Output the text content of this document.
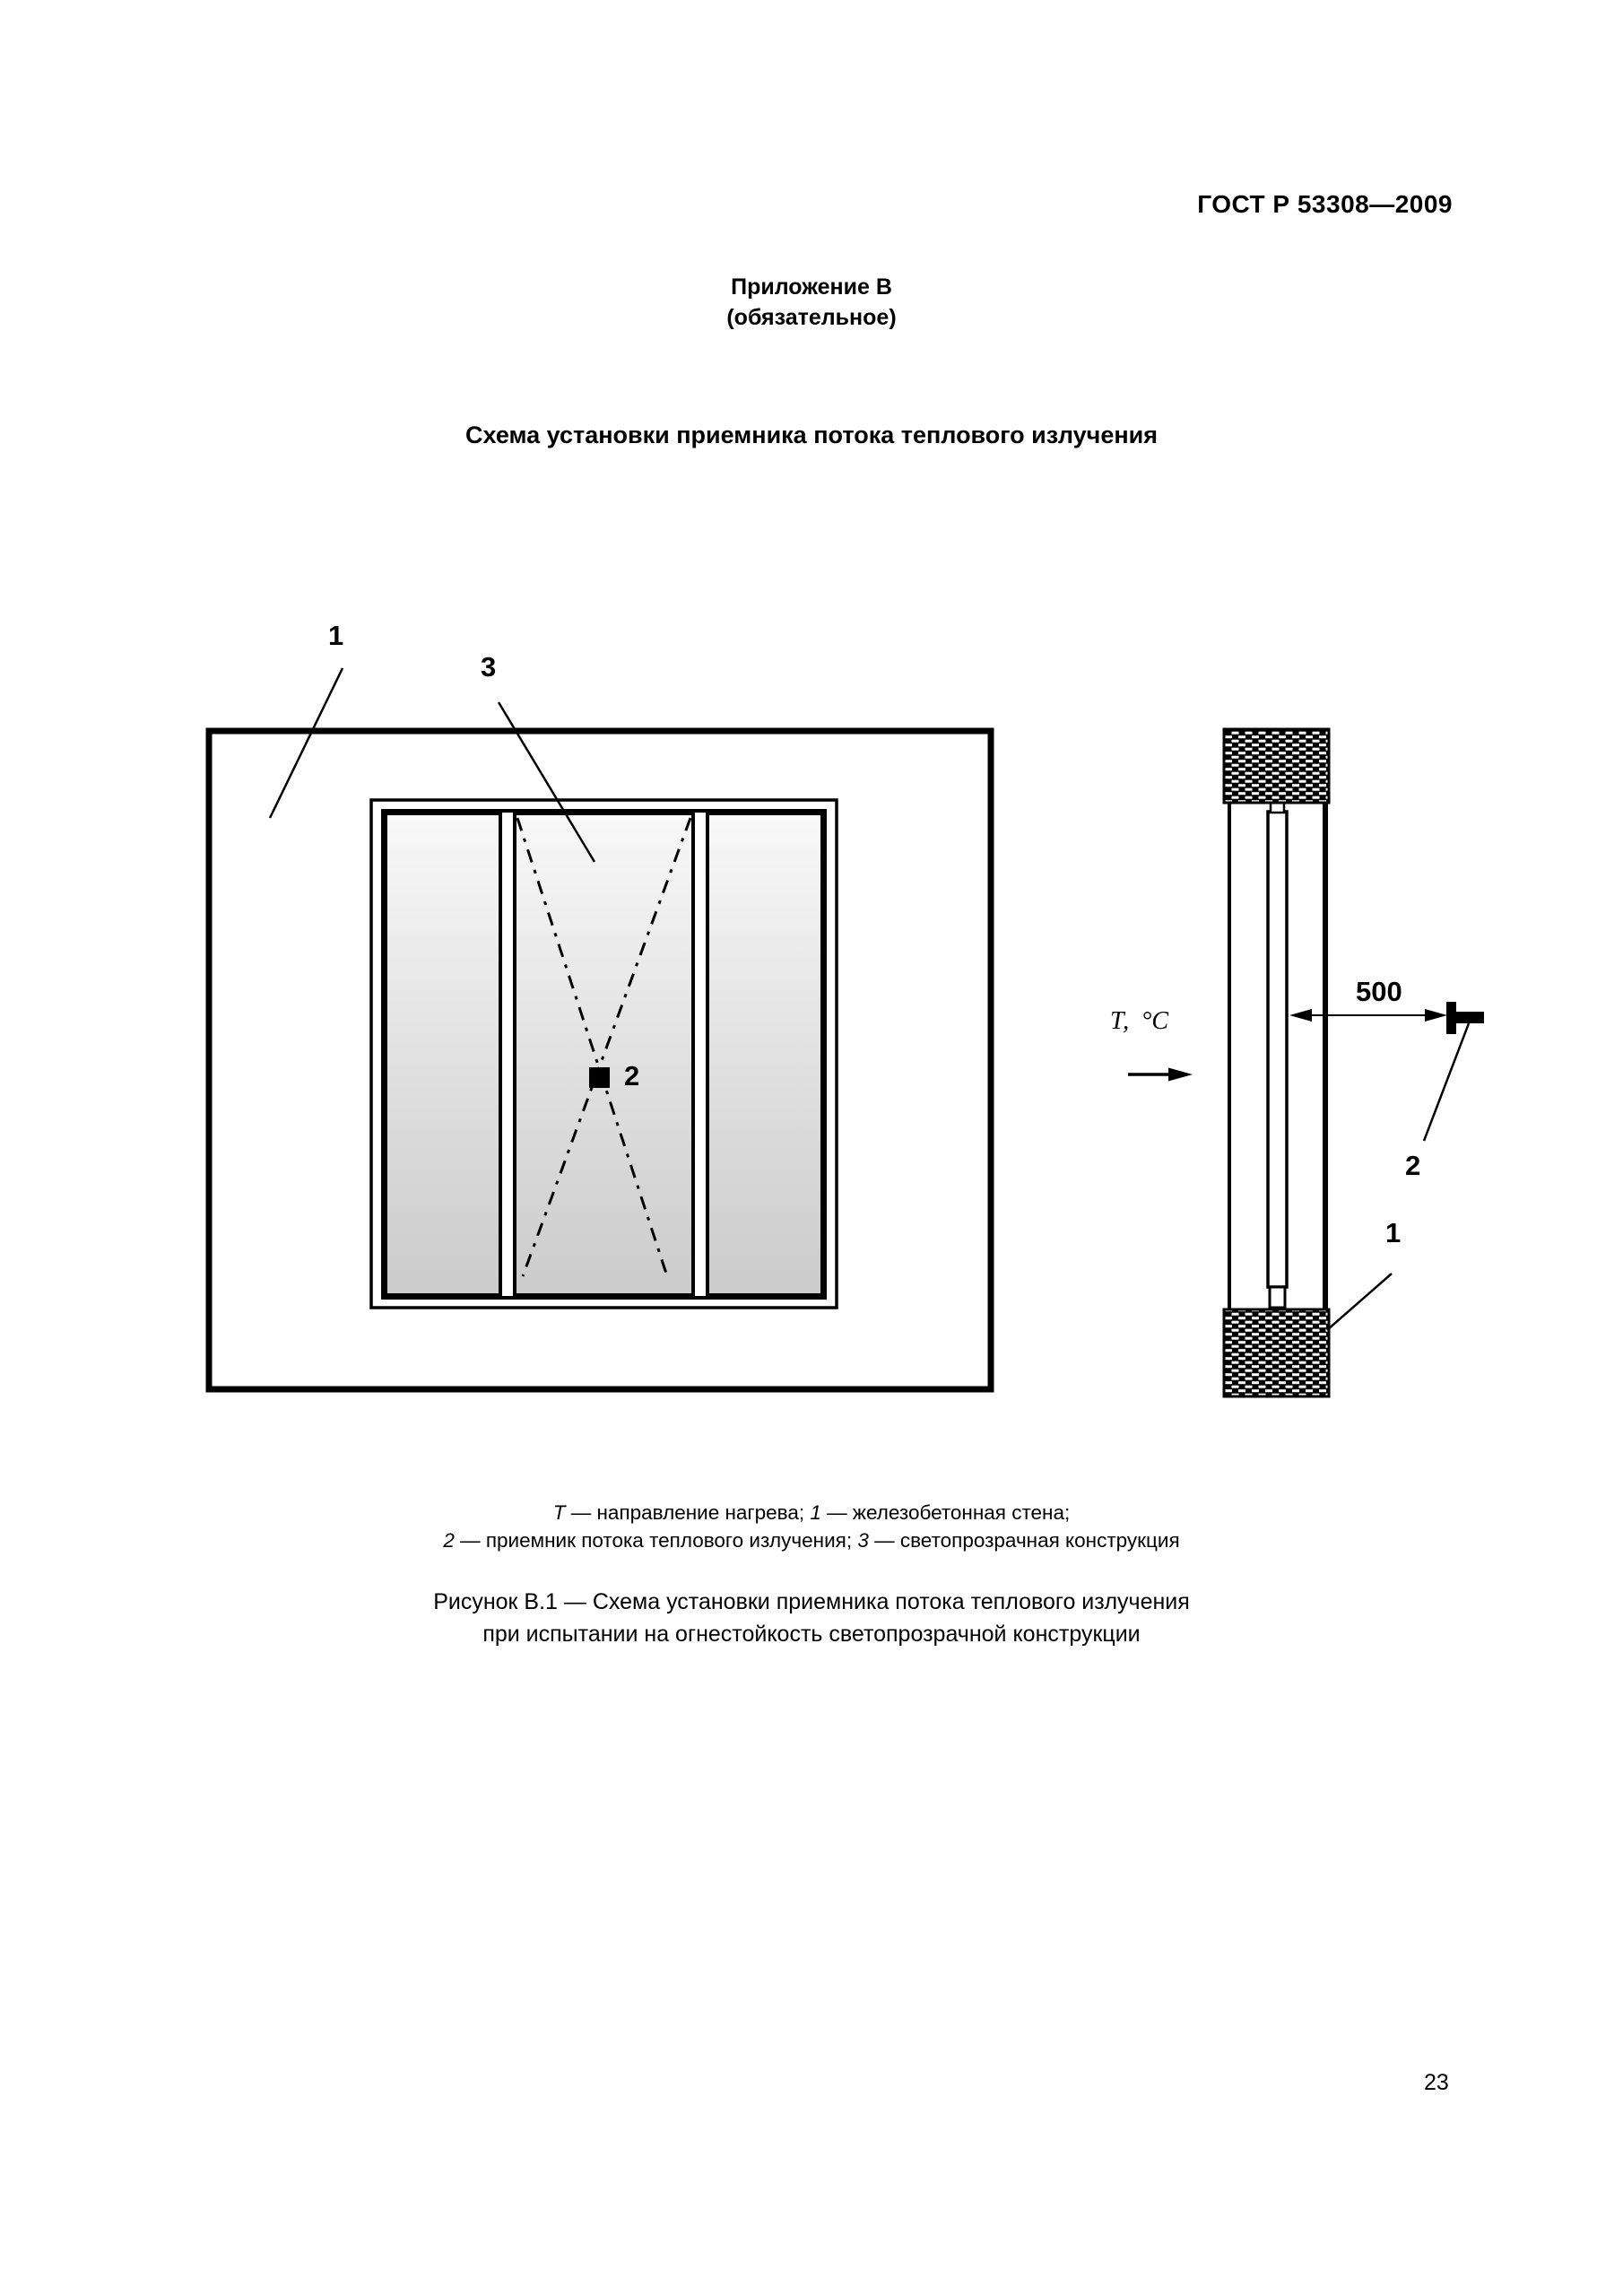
ГОСТ Р 53308—2009
Приложение В
(обязательное)
Схема установки приемника потока теплового излучения
1
3
2
Т,  °С
500
2
1
Т — направление нагрева; 1 — железобетонная стена;
2 — приемник потока теплового излучения; 3 — светопрозрачная конструкция
Рисунок В.1 — Схема установки приемника потока теплового излучения
при испытании на огнестойкость светопрозрачной конструкции
23
